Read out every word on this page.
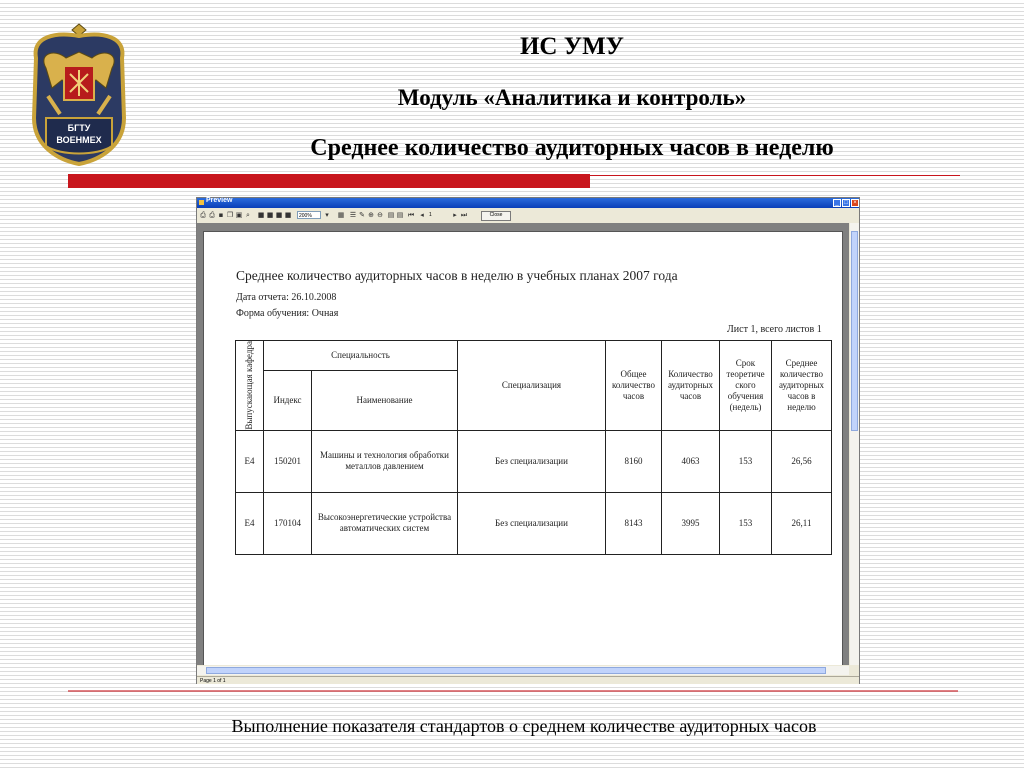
БГТУ
ВОЕНМЕХ
ИС УМУ
Модуль «Аналитика и контроль»
Среднее количество аудиторных часов в неделю
Preview	_ □ ×
⎙ ⎙ ▪ ❐ ▣ ⌕ ■ ■ ■ ■	200%	▾	▦ ☰ ✎ ⊕ ⊖ ▤ ▤ ⏮ ◂	1	▸ ⏭	Close

Среднее количество аудиторных часов в неделю в учебных планах 2007 года

Дата отчета: 26.10.2008

Форма обучения: Очная

Лист 1, всего листов 1
Выпускающая кафедра	Специальность		Специализация	Общее количество часов	Количество аудиторных часов	Срок теоретиче ского обучения (недель)	Среднее количество аудиторных часов в неделю
	Индекс	Наименование					
Е4	150201	Машины и технология обработки металлов давлением	Без специализации	8160	4063	153	26,56
Е4	170104	Высокоэнергетические устройства автоматических систем	Без специализации	8143	3995	153	26,11
Page 1 of 1

Выполнение показателя стандартов о среднем количестве аудиторных часов
